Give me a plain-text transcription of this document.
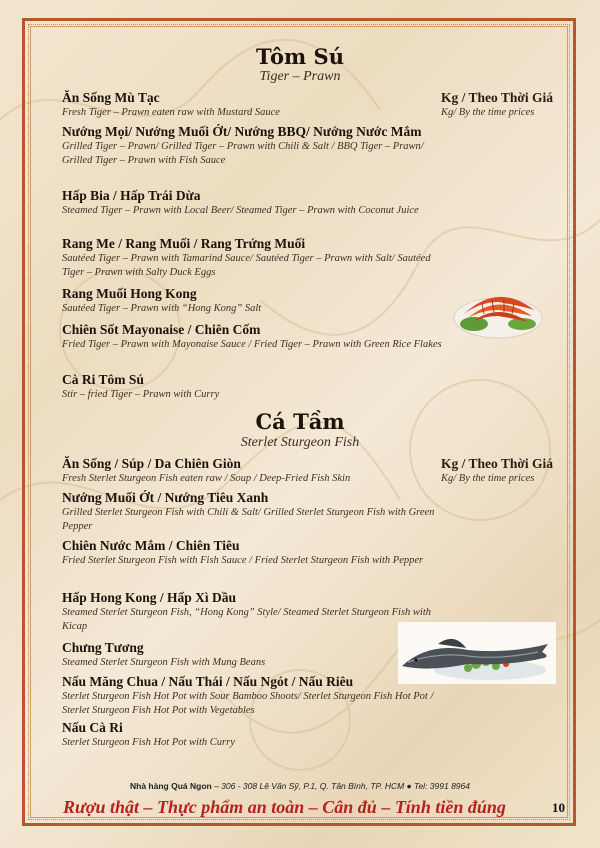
Tôm Sú
Tiger – Prawn
Kg / Theo Thời Giá
Kg/ By the time prices
Ăn Sống Mù Tạc
Fresh Tiger – Prawn eaten raw with Mustard Sauce
Nướng Mọi/ Nướng Muối Ớt/ Nướng BBQ/ Nướng Nước Mắm
Grilled Tiger – Prawn/ Grilled Tiger – Prawn with Chili & Salt / BBQ Tiger – Prawn/ Grilled Tiger – Prawn with Fish Sauce
Hấp Bia / Hấp Trái Dừa
Steamed Tiger – Prawn with Local Beer/ Steamed Tiger – Prawn with Coconut Juice
Rang Me / Rang Muối / Rang Trứng Muối
Sautéed Tiger – Prawn with Tamarind Sauce/ Sautéed Tiger – Prawn with Salt/ Sautéed Tiger – Prawn with Salty Duck Eggs
Rang Muối Hong Kong
Sautéed Tiger – Prawn with “Hong Kong” Salt
Chiên Sốt Mayonaise / Chiên Cốm
Fried Tiger – Prawn with Mayonaise Sauce / Fried Tiger – Prawn with Green Rice Flakes
Cà Ri Tôm Sú
Stir – fried Tiger – Prawn with Curry
Cá Tầm
Sterlet Sturgeon Fish
Kg / Theo Thời Giá
Kg/ By the time prices
Ăn Sống / Súp / Da Chiên Giòn
Fresh Sterlet Sturgeon Fish eaten raw / Soup / Deep-Fried Fish Skin
Nướng Muối Ớt / Nướng Tiêu Xanh
Grilled Sterlet Sturgeon Fish with Chili & Salt/ Grilled Sterlet Sturgeon Fish with Green Pepper
Chiên Nước Mắm / Chiên Tiêu
Fried Sterlet Sturgeon Fish with Fish Sauce / Fried Sterlet Sturgeon Fish with Pepper
Hấp Hong Kong / Hấp Xì Dầu
Steamed Sterlet Sturgeon Fish, “Hong Kong” Style/ Steamed Sterlet Sturgeon Fish with Kicap
Chưng Tương
Steamed Sterlet Sturgeon Fish with Mung Beans
Nấu Măng Chua / Nấu Thái / Nấu Ngót / Nấu Riêu
Sterlet Sturgeon Fish Hot Pot with Sour Bamboo Shoots/ Sterlet Sturgeon Fish Hot Pot / Sterlet Sturgeon Fish Hot Pot with Vegetables
Nấu Cà Ri
Sterlet Sturgeon Fish Hot Pot with Curry
Nhà hàng Quá Ngon – 306 - 308 Lê Văn Sỹ, P.1, Q. Tân Bình, TP. HCM ● Tel: 3991 8964
Rượu thật – Thực phẩm an toàn – Cân đủ – Tính tiền đúng	10
